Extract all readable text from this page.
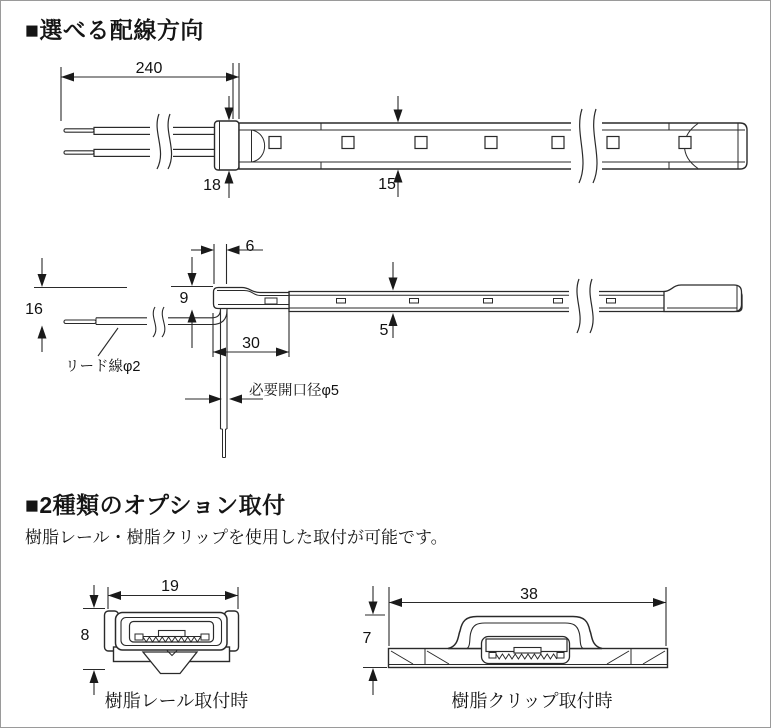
■選べる配線方向
■2種類のオプション取付
樹脂レール・樹脂クリップを使用した取付が可能です。
樹脂レール取付時	樹脂クリップ取付時
240
18	15
6
9
16
5
30
リード線φ2
必要開口径φ5
19
8
38
7
